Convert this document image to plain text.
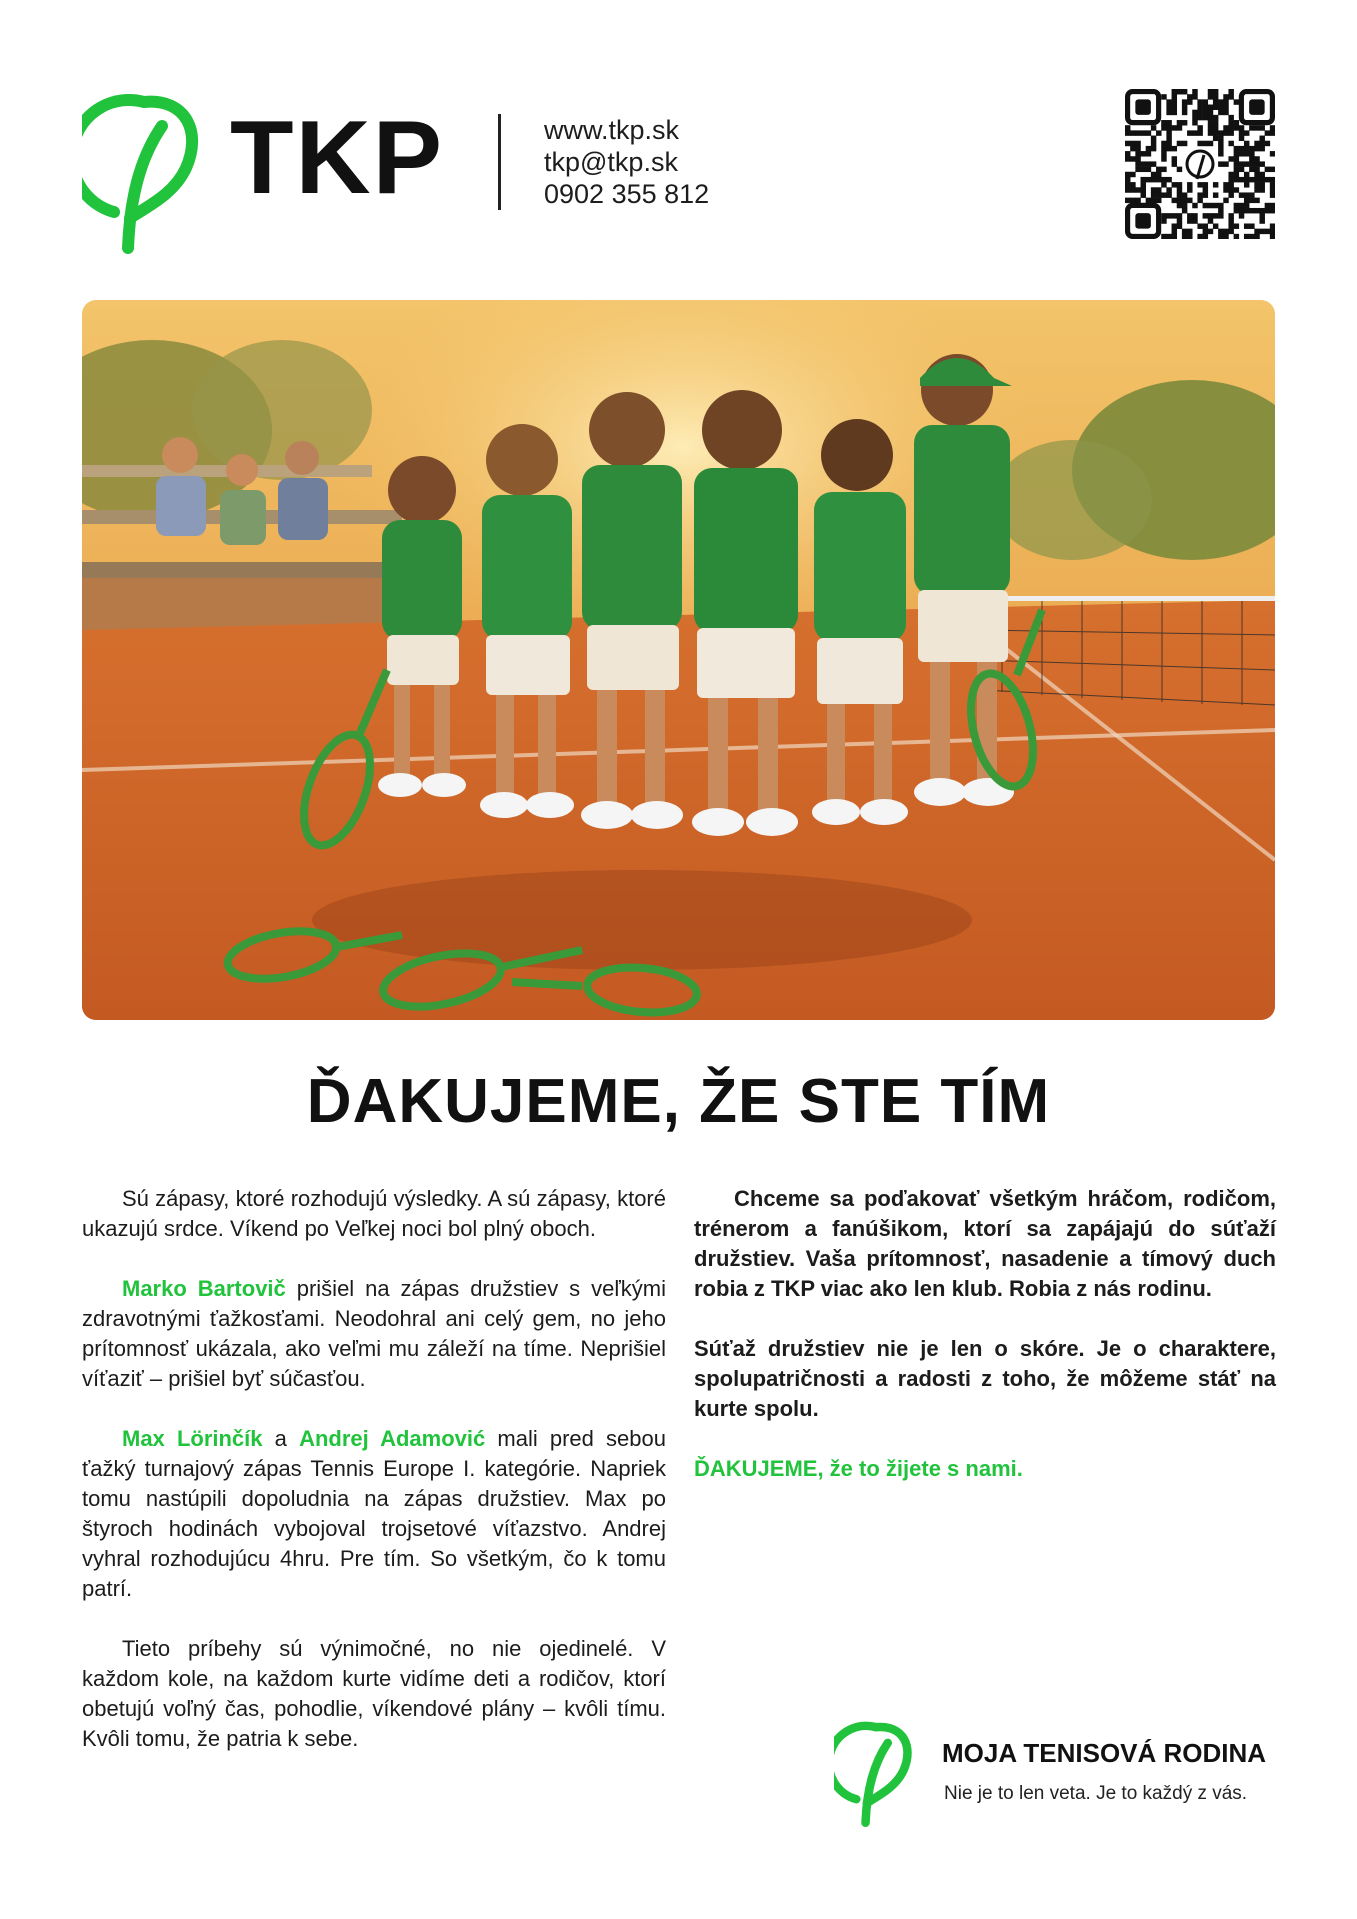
TKP	www.tkp.sk
tkp@tkp.sk
0902 355 812
ĎAKUJEME, ŽE STE TÍM

Sú zápasy, ktoré rozhodujú výsledky. A sú zápasy, ktoré ukazujú srdce. Víkend po Veľkej noci bol plný oboch.

Marko Bartovič prišiel na zápas družstiev s veľkými zdravotnými ťažkosťami. Neodohral ani celý gem, no jeho prítomnosť ukázala, ako veľmi mu záleží na tíme. Neprišiel víťaziť – prišiel byť súčasťou.

Max Lörinčík a Andrej Adamović mali pred sebou ťažký turnajový zápas Tennis Europe I. kategórie. Napriek tomu nastúpili dopoludnia na zápas družstiev. Max po štyroch hodinách vybojoval trojsetové víťazstvo. Andrej vyhral rozhodujúcu 4hru. Pre tím. So všetkým, čo k tomu patrí.

Tieto príbehy sú výnimočné, no nie ojedinelé. V každom kole, na každom kurte vidíme deti a rodičov, ktorí obetujú voľný čas, pohodlie, víkendové plány – kvôli tímu. Kvôli tomu, že patria k sebe.

Chceme sa poďakovať všetkým hráčom, rodičom, trénerom a fanúšikom, ktorí sa zapájajú do súťaží družstiev. Vaša prítomnosť, nasadenie a tímový duch robia z TKP viac ako len klub. Robia z nás rodinu.

Súťaž družstiev nie je len o skóre. Je o charaktere, spolupatričnosti a radosti z toho, že môžeme stáť na kurte spolu.

ĎAKUJEME, že to žijete s nami.

MOJA TENISOVÁ RODINA
Nie je to len veta. Je to každý z vás.
